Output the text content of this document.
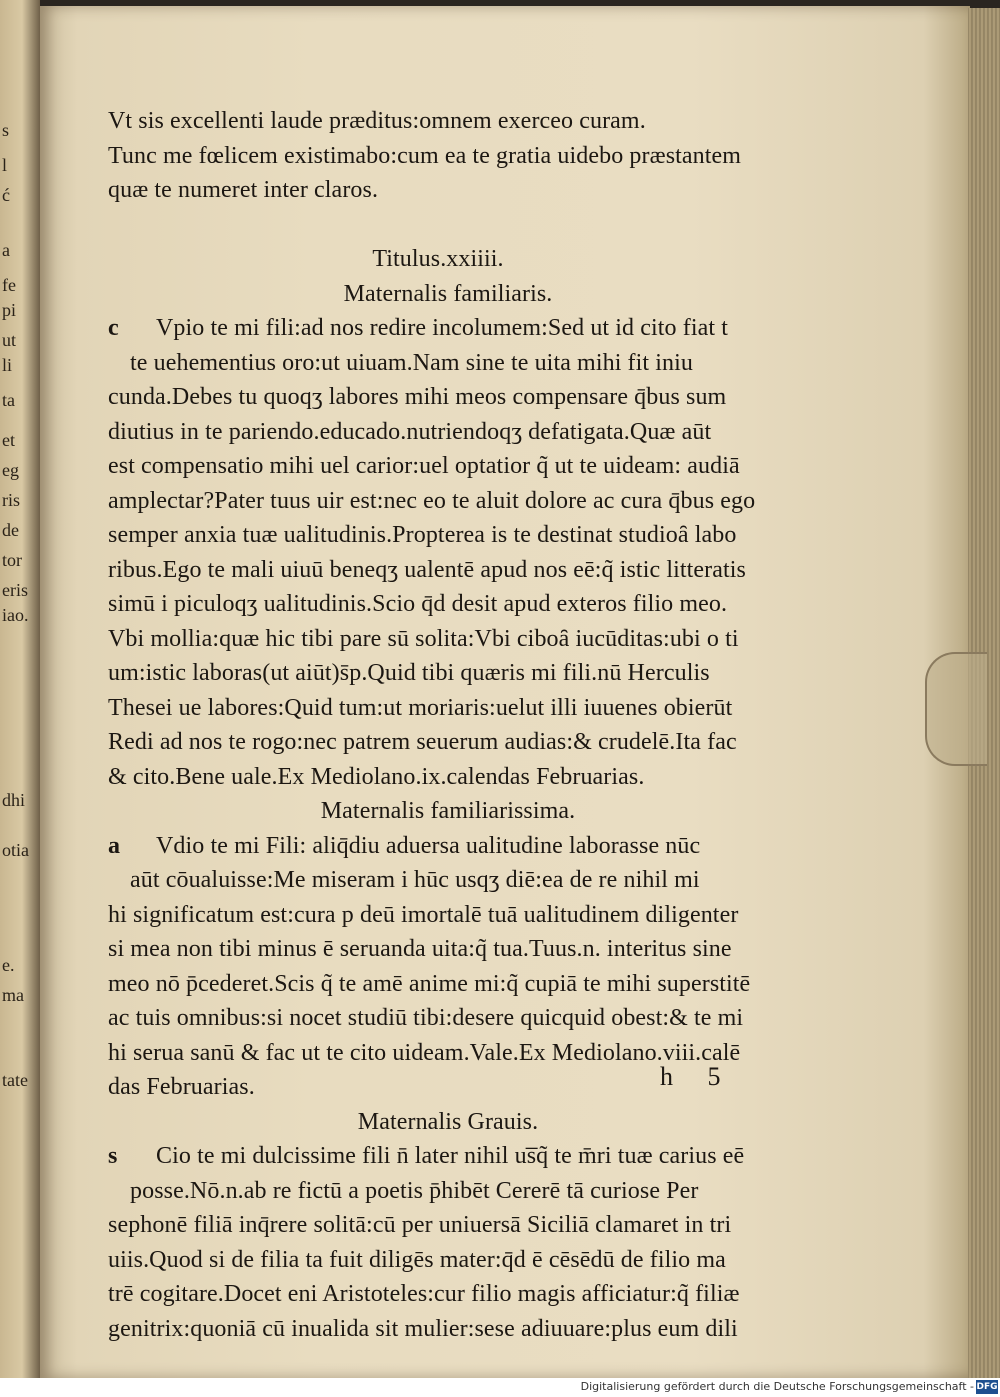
s
l
ć
a
fe
pi
ut
li
ta
et
eg
ris
de
tor
eris
iao.
dhi
otia
e.
ma
tate
Vt sis excellenti laude præditus:omnem exerceo curam.
Tunc me fœlicem existimabo:cum ea te gratia uidebo præstantem
quæ te numeret inter claros.
Titulus.xxiiii.
Maternalis familiaris.
c Vpio te mi fili:ad nos redire incolumem:Sed ut id cito fiat t
te uehementius oro:ut uiuam.Nam sine te uita mihi fit iniu
cunda.Debes tu quoqʒ labores mihi meos compensare q̄bus sum
diutius in te pariendo.educado.nutriendoqʒ defatigata.Quæ aūt
est compensatio mihi uel carior:uel optatior q̃ ut te uideam: audiā
amplectar?Pater tuus uir est:nec eo te aluit dolore ac cura q̄bus ego
semper anxia tuæ ualitudinis.Propterea is te destinat studioȃ labo
ribus.Ego te mali uiuū beneqʒ ualentē apud nos eē:q̃ istic litteratis
simū i piculoqʒ ualitudinis.Scio q̄d desit apud exteros filio meo.
Vbi mollia:quæ hic tibi pare sū solita:Vbi ciboȃ iucūditas:ubi o ti
um:istic laboras(ut aiūt)s̄p.Quid tibi quæris mi fili.nū Herculis
Thesei ue labores:Quid tum:ut moriaris:uelut illi iuuenes obierūt
Redi ad nos te rogo:nec patrem seuerum audias:& crudelē.Ita fac
& cito.Bene uale.Ex Mediolano.ix.calendas Februarias.
Maternalis familiarissima.
a Vdio te mi Fili: aliq̄diu aduersa ualitudine laborasse nūc
aūt cōualuisse:Me miseram i hūc usqʒ diē:ea de re nihil mi
hi significatum est:cura p deū imortalē tuā ualitudinem diligenter
si mea non tibi minus ē seruanda uita:q̃ tua.Tuus.n. interitus sine
meo nō p̄cederet.Scis q̃ te amē anime mi:q̃ cupiā te mihi superstitē
ac tuis omnibus:si nocet studiū tibi:desere quicquid obest:& te mi
hi serua sanū & fac ut te cito uideam.Vale.Ex Mediolano.viii.calē
das Februarias.
Maternalis Grauis.
s Cio te mi dulcissime fili n̄ later nihil us̅q̃ te m̄ri tuæ carius eē
posse.Nō.n.ab re fictū a poetis p̄hibēt Cererē tā curiose Per
sephonē filiā inq̄rere solitā:cū per uniuersā Siciliā clamaret in tri
uiis.Quod si de filia ta fuit diligēs mater:q̄d ē cēsēdū de filio ma
trē cogitare.Docet eni Aristoteles:cur filio magis afficiatur:q̃ filiæ
genitrix:quoniā cū inualida sit mulier:sese adiuuare:plus eum dili
h 5
Digitalisierung gefördert durch die Deutsche Forschungsgemeinschaft - DFG
